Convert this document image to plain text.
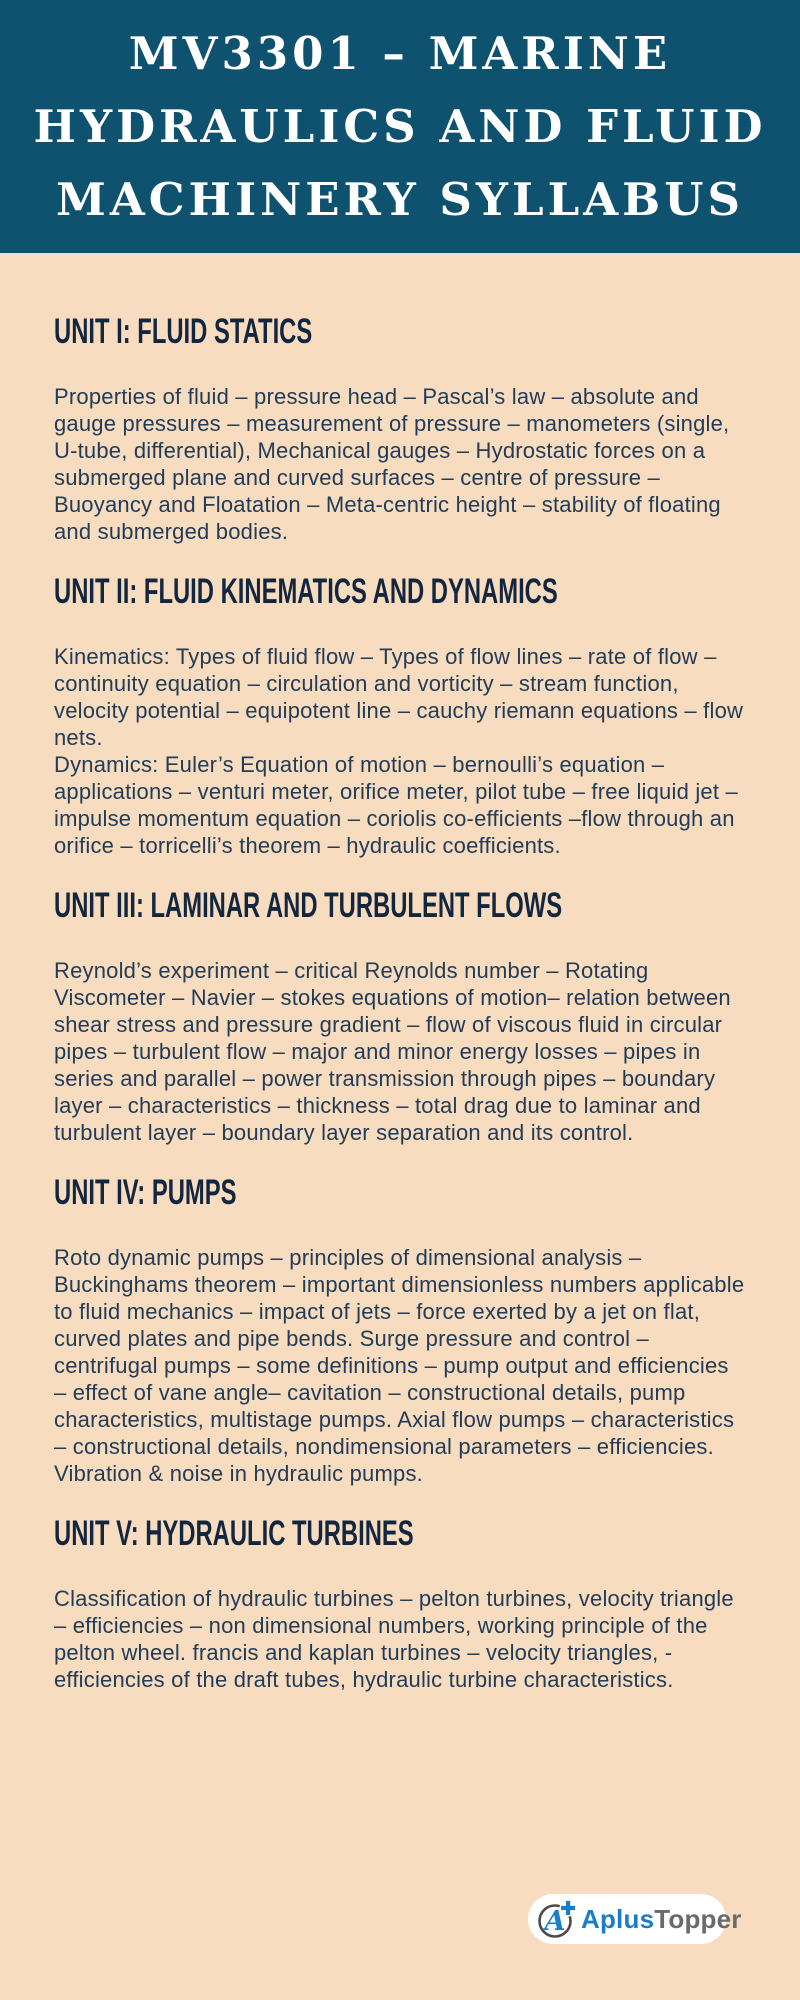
MV3301 – MARINE
HYDRAULICS AND FLUID
MACHINERY SYLLABUS
UNIT I: FLUID STATICS

Properties of fluid – pressure head – Pascal’s law – absolute and gauge pressures – measurement of pressure – manometers (single, U-tube, differential), Mechanical gauges – Hydrostatic forces on a submerged plane and curved surfaces – centre of pressure – Buoyancy and Floatation – Meta-centric height – stability of floating and submerged bodies.

UNIT II: FLUID KINEMATICS AND DYNAMICS

Kinematics: Types of fluid flow – Types of flow lines – rate of flow – continuity equation – circulation and vorticity – stream function, velocity potential – equipotent line – cauchy riemann equations – flow nets.

Dynamics: Euler’s Equation of motion – bernoulli’s equation – applications – venturi meter, orifice meter, pilot tube – free liquid jet – impulse momentum equation – coriolis co-efficients –flow through an orifice – torricelli’s theorem – hydraulic coefficients.

UNIT III: LAMINAR AND TURBULENT FLOWS

Reynold’s experiment – critical Reynolds number – Rotating Viscometer – Navier – stokes equations of motion– relation between shear stress and pressure gradient – flow of viscous fluid in circular pipes – turbulent flow – major and minor energy losses – pipes in series and parallel – power transmission through pipes – boundary layer – characteristics – thickness – total drag due to laminar and turbulent layer – boundary layer separation and its control.

UNIT IV: PUMPS

Roto dynamic pumps – principles of dimensional analysis – Buckinghams theorem – important dimensionless numbers applicable to fluid mechanics – impact of jets – force exerted by a jet on flat, curved plates and pipe bends. Surge pressure and control – centrifugal pumps – some definitions – pump output and efficiencies – effect of vane angle– cavitation – constructional details, pump characteristics, multistage pumps. Axial flow pumps – characteristics – constructional details, nondimensional parameters – efficiencies. Vibration & noise in hydraulic pumps.

UNIT V: HYDRAULIC TURBINES

Classification of hydraulic turbines – pelton turbines, velocity triangle – efficiencies – non dimensional numbers, working principle of the pelton wheel. francis and kaplan turbines – velocity triangles, - efficiencies of the draft tubes, hydraulic turbine characteristics.

A AplusTopper
